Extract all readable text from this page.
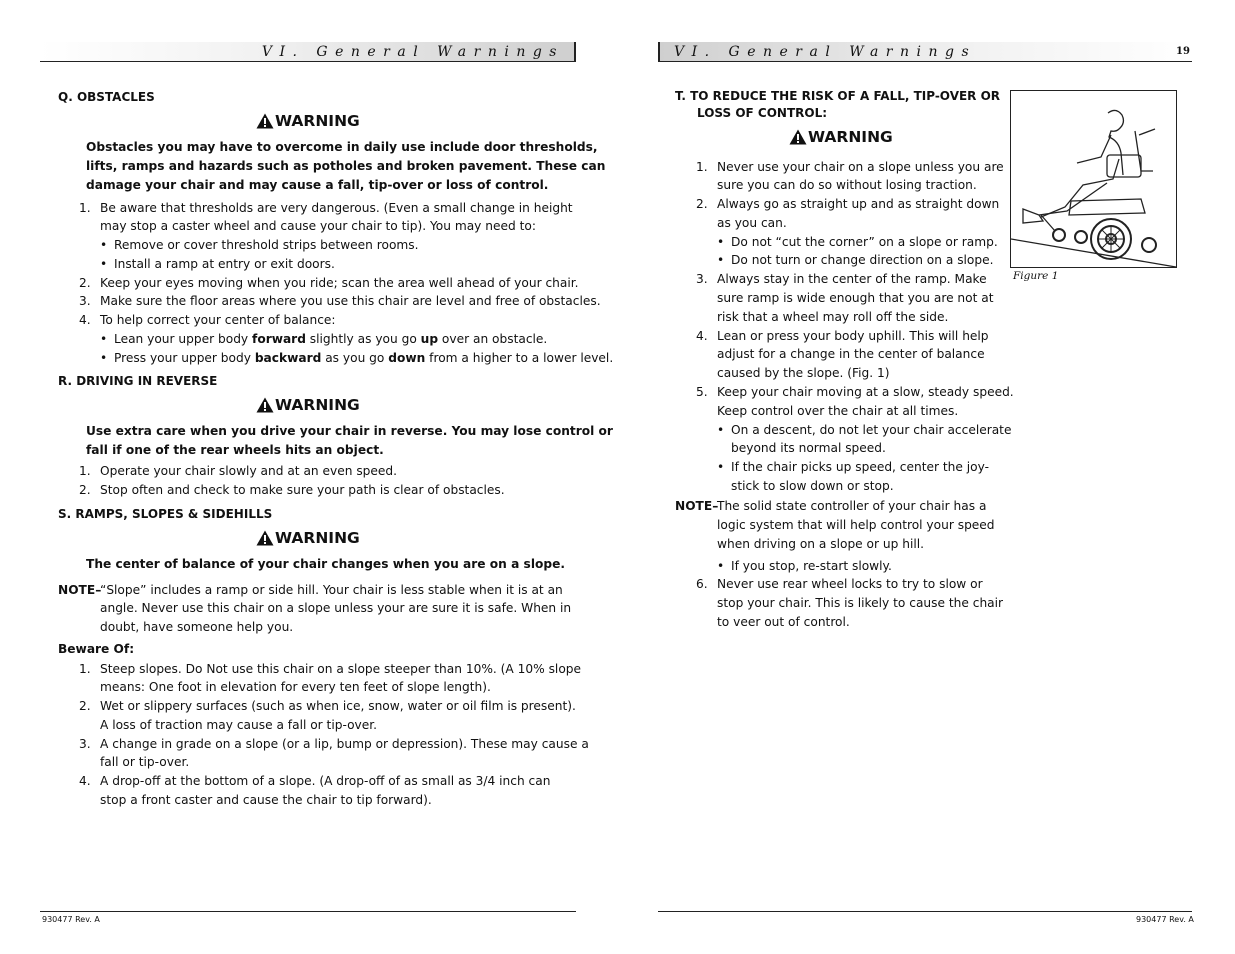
VI. General Warnings	VI. General Warnings	19
Q. OBSTACLES
WARNING
Obstacles you may have to overcome in daily use include door thresholds,
lifts, ramps and hazards such as potholes and broken pavement. These can
damage your chair and may cause a fall, tip-over or loss of control.
1. Be aware that thresholds are very dangerous. (Even a small change in height
may stop a caster wheel and cause your chair to tip). You may need to:
• Remove or cover threshold strips between rooms.
• Install a ramp at entry or exit doors.
2. Keep your eyes moving when you ride; scan the area well ahead of your chair.
3. Make sure the floor areas where you use this chair are level and free of obstacles.
4. To help correct your center of balance:
• Lean your upper body forward slightly as you go up over an obstacle.
• Press your upper body backward as you go down from a higher to a lower level.
R. DRIVING IN REVERSE
WARNING
Use extra care when you drive your chair in reverse. You may lose control or
fall if one of the rear wheels hits an object.
1. Operate your chair slowly and at an even speed.
2. Stop often and check to make sure your path is clear of obstacles.
S. RAMPS, SLOPES & SIDEHILLS
WARNING
The center of balance of your chair changes when you are on a slope.
NOTE–
“Slope” includes a ramp or side hill. Your chair is less stable when it is at an
angle. Never use this chair on a slope unless your are sure it is safe. When in
doubt, have someone help you.
Beware Of:
1. Steep slopes. Do Not use this chair on a slope steeper than 10%. (A 10% slope
means: One foot in elevation for every ten feet of slope length).
2. Wet or slippery surfaces (such as when ice, snow, water or oil film is present).
A loss of traction may cause a fall or tip-over.
3. A change in grade on a slope (or a lip, bump or depression). These may cause a
fall or tip-over.
4. A drop-off at the bottom of a slope. (A drop-off of as small as 3/4 inch can
stop a front caster and cause the chair to tip forward).
T. TO REDUCE THE RISK OF A FALL, TIP-OVER OR
LOSS OF CONTROL:
WARNING
1. Never use your chair on a slope unless you are
sure you can do so without losing traction.
2. Always go as straight up and as straight down
as you can.
• Do not “cut the corner” on a slope or ramp.
• Do not turn or change direction on a slope.
3. Always stay in the center of the ramp. Make
sure ramp is wide enough that you are not at
risk that a wheel may roll off the side.
4. Lean or press your body uphill. This will help
adjust for a change in the center of balance
caused by the slope. (Fig. 1)
5. Keep your chair moving at a slow, steady speed.
Keep control over the chair at all times.
• On a descent, do not let your chair accelerate
beyond its normal speed.
• If the chair picks up speed, center the joy-
stick to slow down or stop.
NOTE–
The solid state controller of your chair has a
logic system that will help control your speed
when driving on a slope or up hill.
• If you stop, re-start slowly.
6. Never use rear wheel locks to try to slow or
stop your chair. This is likely to cause the chair
to veer out of control.
Figure 1
930477 Rev. A	930477 Rev. A
